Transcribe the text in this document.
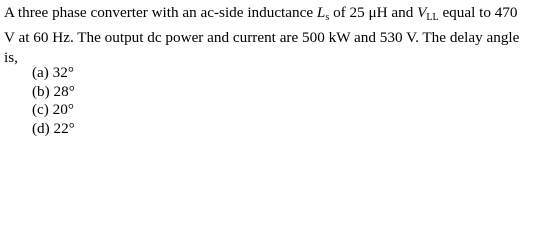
A three phase converter with an ac-side inductance $L_s$ of 25 μH and $V_{LL}$ equal to 470
V at 60 Hz. The output dc power and current are 500 kW and 530 V. The delay angle
is,
(a) 32°
(b) 28°
(c) 20°
(d) 22°
